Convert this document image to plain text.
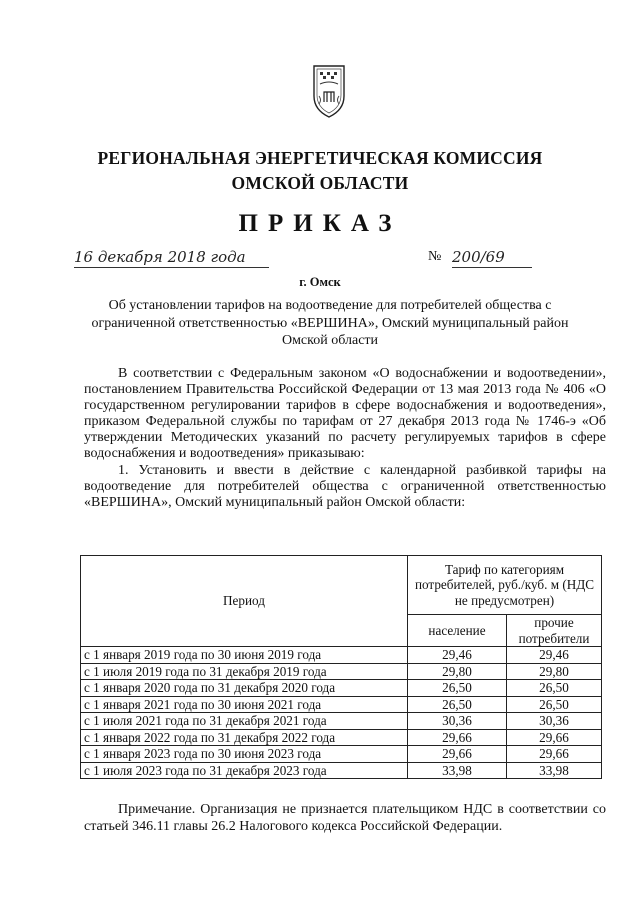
РЕГИОНАЛЬНАЯ ЭНЕРГЕТИЧЕСКАЯ КОМИССИЯ
ОМСКОЙ ОБЛАСТИ
ПРИКАЗ
16 декабря 2018 года	№ 200/69
г. Омск
Об установлении тарифов на водоотведение для потребителей общества с ограниченной ответственностью «ВЕРШИНА», Омский муниципальный район Омской области

В соответствии с Федеральным законом «О водоснабжении и водоотведении», постановлением Правительства Российской Федерации от 13 мая 2013 года № 406 «О государственном регулировании тарифов в сфере водоснабжения и водоотведения», приказом Федеральной службы по тарифам от 27 декабря 2013 года № 1746-э «Об утверждении Методических указаний по расчету регулируемых тарифов в сфере водоснабжения и водоотведения» приказываю:

1. Установить и ввести в действие с календарной разбивкой тарифы на водоотведение для потребителей общества с ограниченной ответственностью «ВЕРШИНА», Омский муниципальный район Омской области:

Период	Тариф по категориям потребителей, руб./куб. м (НДС не предусмотрен)	
	население	прочие потребители
с 1 января 2019 года по 30 июня 2019 года	29,46	29,46
с 1 июля 2019 года по 31 декабря 2019 года	29,80	29,80
с 1 января 2020 года по 31 декабря 2020 года	26,50	26,50
с 1 января 2021 года по 30 июня 2021 года	26,50	26,50
с 1 июля 2021 года по 31 декабря 2021 года	30,36	30,36
с 1 января 2022 года по 31 декабря 2022 года	29,66	29,66
с 1 января 2023 года по 30 июня 2023 года	29,66	29,66
с 1 июля 2023 года по 31 декабря 2023 года	33,98	33,98
Примечание. Организация не признается плательщиком НДС в соответствии со статьей 346.11 главы 26.2 Налогового кодекса Российской Федерации.
